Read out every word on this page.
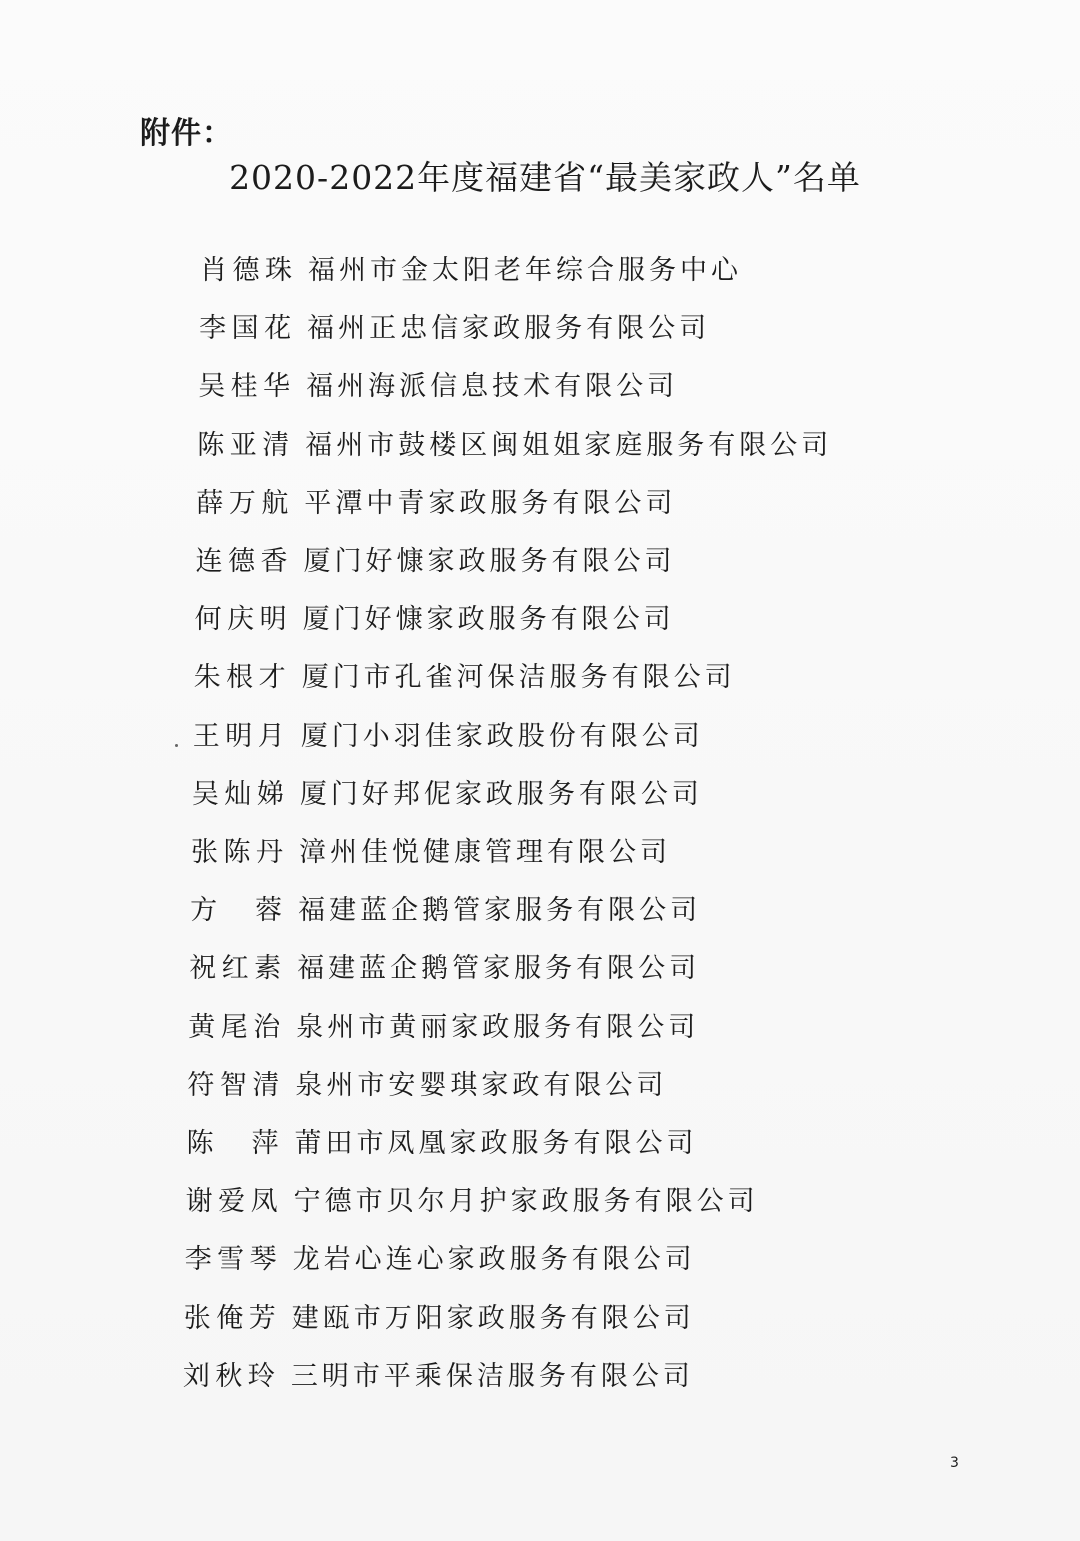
附件：
2020-2022年度福建省“最美家政人”名单
肖德珠 福州市金太阳老年综合服务中心
李国花 福州正忠信家政服务有限公司
吴桂华 福州海派信息技术有限公司
陈亚清 福州市鼓楼区闽姐姐家庭服务有限公司
薛万航 平潭中青家政服务有限公司
连德香 厦门好慷家政服务有限公司
何庆明 厦门好慷家政服务有限公司
朱根才 厦门市孔雀河保洁服务有限公司
王明月 厦门小羽佳家政股份有限公司
吴灿娣 厦门好邦伲家政服务有限公司
张陈丹 漳州佳悦健康管理有限公司
方蓉 福建蓝企鹅管家服务有限公司
祝红素 福建蓝企鹅管家服务有限公司
黄尾治 泉州市黄丽家政服务有限公司
符智清 泉州市安婴琪家政有限公司
陈萍 莆田市凤凰家政服务有限公司
谢爱凤 宁德市贝尔月护家政服务有限公司
李雪琴 龙岩心连心家政服务有限公司
张俺芳 建瓯市万阳家政服务有限公司
刘秋玲 三明市平乘保洁服务有限公司
3
